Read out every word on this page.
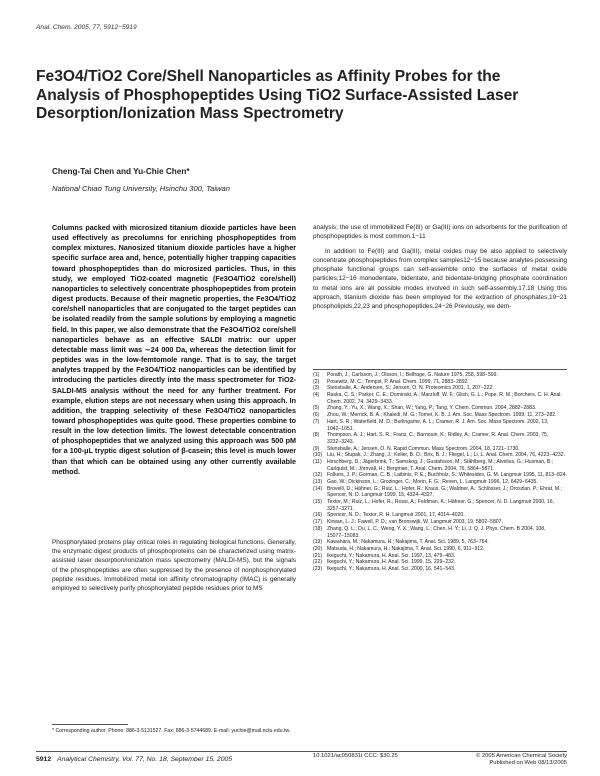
Anal. Chem. 2005, 77, 5912−5919
Fe3O4/TiO2 Core/Shell Nanoparticles as Affinity Probes for the Analysis of Phosphopeptides Using TiO2 Surface-Assisted Laser Desorption/Ionization Mass Spectrometry
Cheng-Tai Chen and Yu-Chie Chen*
National Chiao Tung University, Hsinchu 300, Taiwan
Columns packed with microsized titanium dioxide particles have been used effectively as precolumns for enriching phosphopeptides from complex mixtures. Nanosized titanium dioxide particles have a higher specific surface area and, hence, potentially higher trapping capacities toward phosphopeptides than do microsized particles. Thus, in this study, we employed TiO2-coated magnetic (Fe3O4/TiO2 core/shell) nanoparticles to selectively concentrate phosphopeptides from protein digest products. Because of their magnetic properties, the Fe3O4/TiO2 core/shell nanoparticles that are conjugated to the target peptides can be isolated readily from the sample solutions by employing a magnetic field. In this paper, we also demonstrate that the Fe3O4/TiO2 core/shell nanoparticles behave as an effective SALDI matrix: our upper detectable mass limit was ∼24 000 Da, whereas the detection limit for peptides was in the low-femtomole range. That is to say, the target analytes trapped by the Fe3O4/TiO2 nanoparticles can be identified by introducing the particles directly into the mass spectrometer for TiO2-SALDI-MS analysis without the need for any further treatment. For example, elution steps are not necessary when using this approach. In addition, the trapping selectivity of these Fe3O4/TiO2 nanoparticles toward phosphopeptides was quite good. These properties combine to result in the low detection limits. The lowest detectable concentration of phosphopeptides that we analyzed using this approach was 500 pM for a 100-μL tryptic digest solution of β-casein; this level is much lower than that which can be obtained using any other currently available method.
Phosphorylated proteins play critical roles in regulating biological functions. Generally, the enzymatic digest products of phosphoproteins can be characterized using matrix-assisted laser desorption/ionization mass spectrometry (MALDI-MS), but the signals of the phosphopeptides are often suppressed by the presence of nonphosphorylated peptide residues. Immobilized metal ion affinity chromatography (IMAC) is generally employed to selectively purify phosphorylated peptide residues prior to MS

analysis; the use of immobilized Fe(III) or Ga(III) ions on adsorbents for the purification of phosphopeptides is most common.1−11

In addition to Fe(III) and Ga(III), metal oxides may be also applied to selectively concentrate phosphopeptides from complex samples12−15 because analytes possessing phosphate functional groups can self-assemble onto the surfaces of metal oxide particles;12−16 monodentate, bidentate, and bidentate-bridging phosphate coordination to metal ions are all possible modes involved in such self-assembly.17,18 Using this approach, titanium dioxide has been employed for the extraction of phosphates,19−21 phospholipids,22,23 and phosphopeptides.24−26 Previously, we dem-

(1) Porath, J.; Carlsson, J.; Olsson, I.; Belfrage, G. Nature 1975, 258, 598−599.
(2) Posewitz, M. C.; Tempst, P. Anal. Chem. 1999, 71, 2883−2892.
(3) Stensballe, A.; Andersen, S.; Jensen, O. N. Proteomics 2001, 1, 207−222.
(4) Raska, C. S.; Parker, C. E.; Dominski, A.; Marzluff, W. F.; Glish, G. L.; Pope, R. M.; Borchers, C. H. Anal. Chem. 2002, 74, 3429−3433.
(5) Zhang, Y.; Yu, X.; Wang, X.; Shan, W.; Yang, P.; Tang, Y. Chem. Commun. 2004, 2882−2883.
(6) Zhou, W.; Merrick, B. A.; Khaledi, M. G.; Tomer, K. B. J. Am. Soc. Mass Spectrom. 1999, 11, 273−282.
(7) Hart, S. R.; Waterfield, M. D.; Burlingame, A. L.; Cramer, R. J. Am. Soc. Mass Spectrom. 2002, 13, 1042−1051.
(8) Thompson, A. J.; Hart, S. R.; Franz, C.; Barnouin, K.; Ridley, A.; Cramer, R. Anal. Chem. 2003, 75, 3232−3243.
(9) Stensballe, A.; Jensen, O. N. Rapid Commun. Mass Spectrom. 2004, 18, 1721−1730.
(10) Liu, H.; Stupak, J.; Zhang, J.; Keller, B. O.; Brix, B. J.; Fliegel, L.; Li, L. Anal. Chem. 2004, 76, 4223−4232.
(11) Hirschberg, D.; Jägerbrink, T.; Samskog, J.; Gustafsson, M.; Ståhlberg, M.; Alvelius, G.; Husman, B.; Carlquist, M.; Jörnvall, H.; Bergman, T. Anal. Chem. 2004, 76, 5864−5871.
(12) Folkers, J. P.; Gorman, C. B.; Laibinis, P. E.; Buchholz, S.; Whitesides, G. M. Langmuir 1995, 11, 813−824.
(13) Gao, W.; Dickinson, L.; Grozinger, C.; Morin, F. G.; Reven, L. Langmuir 1996, 12, 6429−6435.
(14) Brovelli, D.; Hähner, G.; Ruiz, L.; Hofer, R.; Kraus, G.; Waldner, A.; Schlösser, J.; Oroszlan, P.; Ehrat, M.; Spencer, N. D. Langmuir 1999, 15, 4324−4327.
(15) Textor, M.; Ruiz, L.; Hofer, R.; Rossi, A.; Feldman, K.; Hähner, G.; Spencer, N. D. Langmuir 2000, 16, 3257−3271.
(16) Spencer, N. D.; Textor, R. H. Langmuir 2001, 17, 4014−4020.
(17) Kirwan, L. J.; Fawell, P. D.; van Bronswijk, W. Langmuir 2003, 19, 5802−5807.
(18) Zhang, Q. L.; Du, L. C.; Weng, Y. X.; Wang, L.; Chen, H. Y.; Li, J. Q. J. Phys. Chem. B 2004, 108, 15077−15083.
(19) Kawahara, M.; Nakamura, H.; Nakajima, T. Anal. Sci. 1989, 5, 763−764.
(20) Matsuda, H.; Nakamura, H.; Nakajima, T. Anal. Sci. 1990, 6, 911−912.
(21) Ikeguchi, Y.; Nakamura, H. Anal. Sci. 1997, 13, 479−483.
(22) Ikeguchi, Y.; Nakamura, H. Anal. Sci. 1999, 15, 229−232.
(23) Ikeguchi, Y.; Nakamura, H. Anal. Sci. 2000, 16, 541−543.
* Corresponding author. Phone: 886-3-5131527. Fax: 886-3-5744689. E-mail: yuchie@mail.nctu.edu.tw.
5912 Analytical Chemistry, Vol. 77, No. 18, September 15, 2005	10.1021/ac050831t CCC: $30.25	© 2005 American Chemical Society
Published on Web 08/13/2005
